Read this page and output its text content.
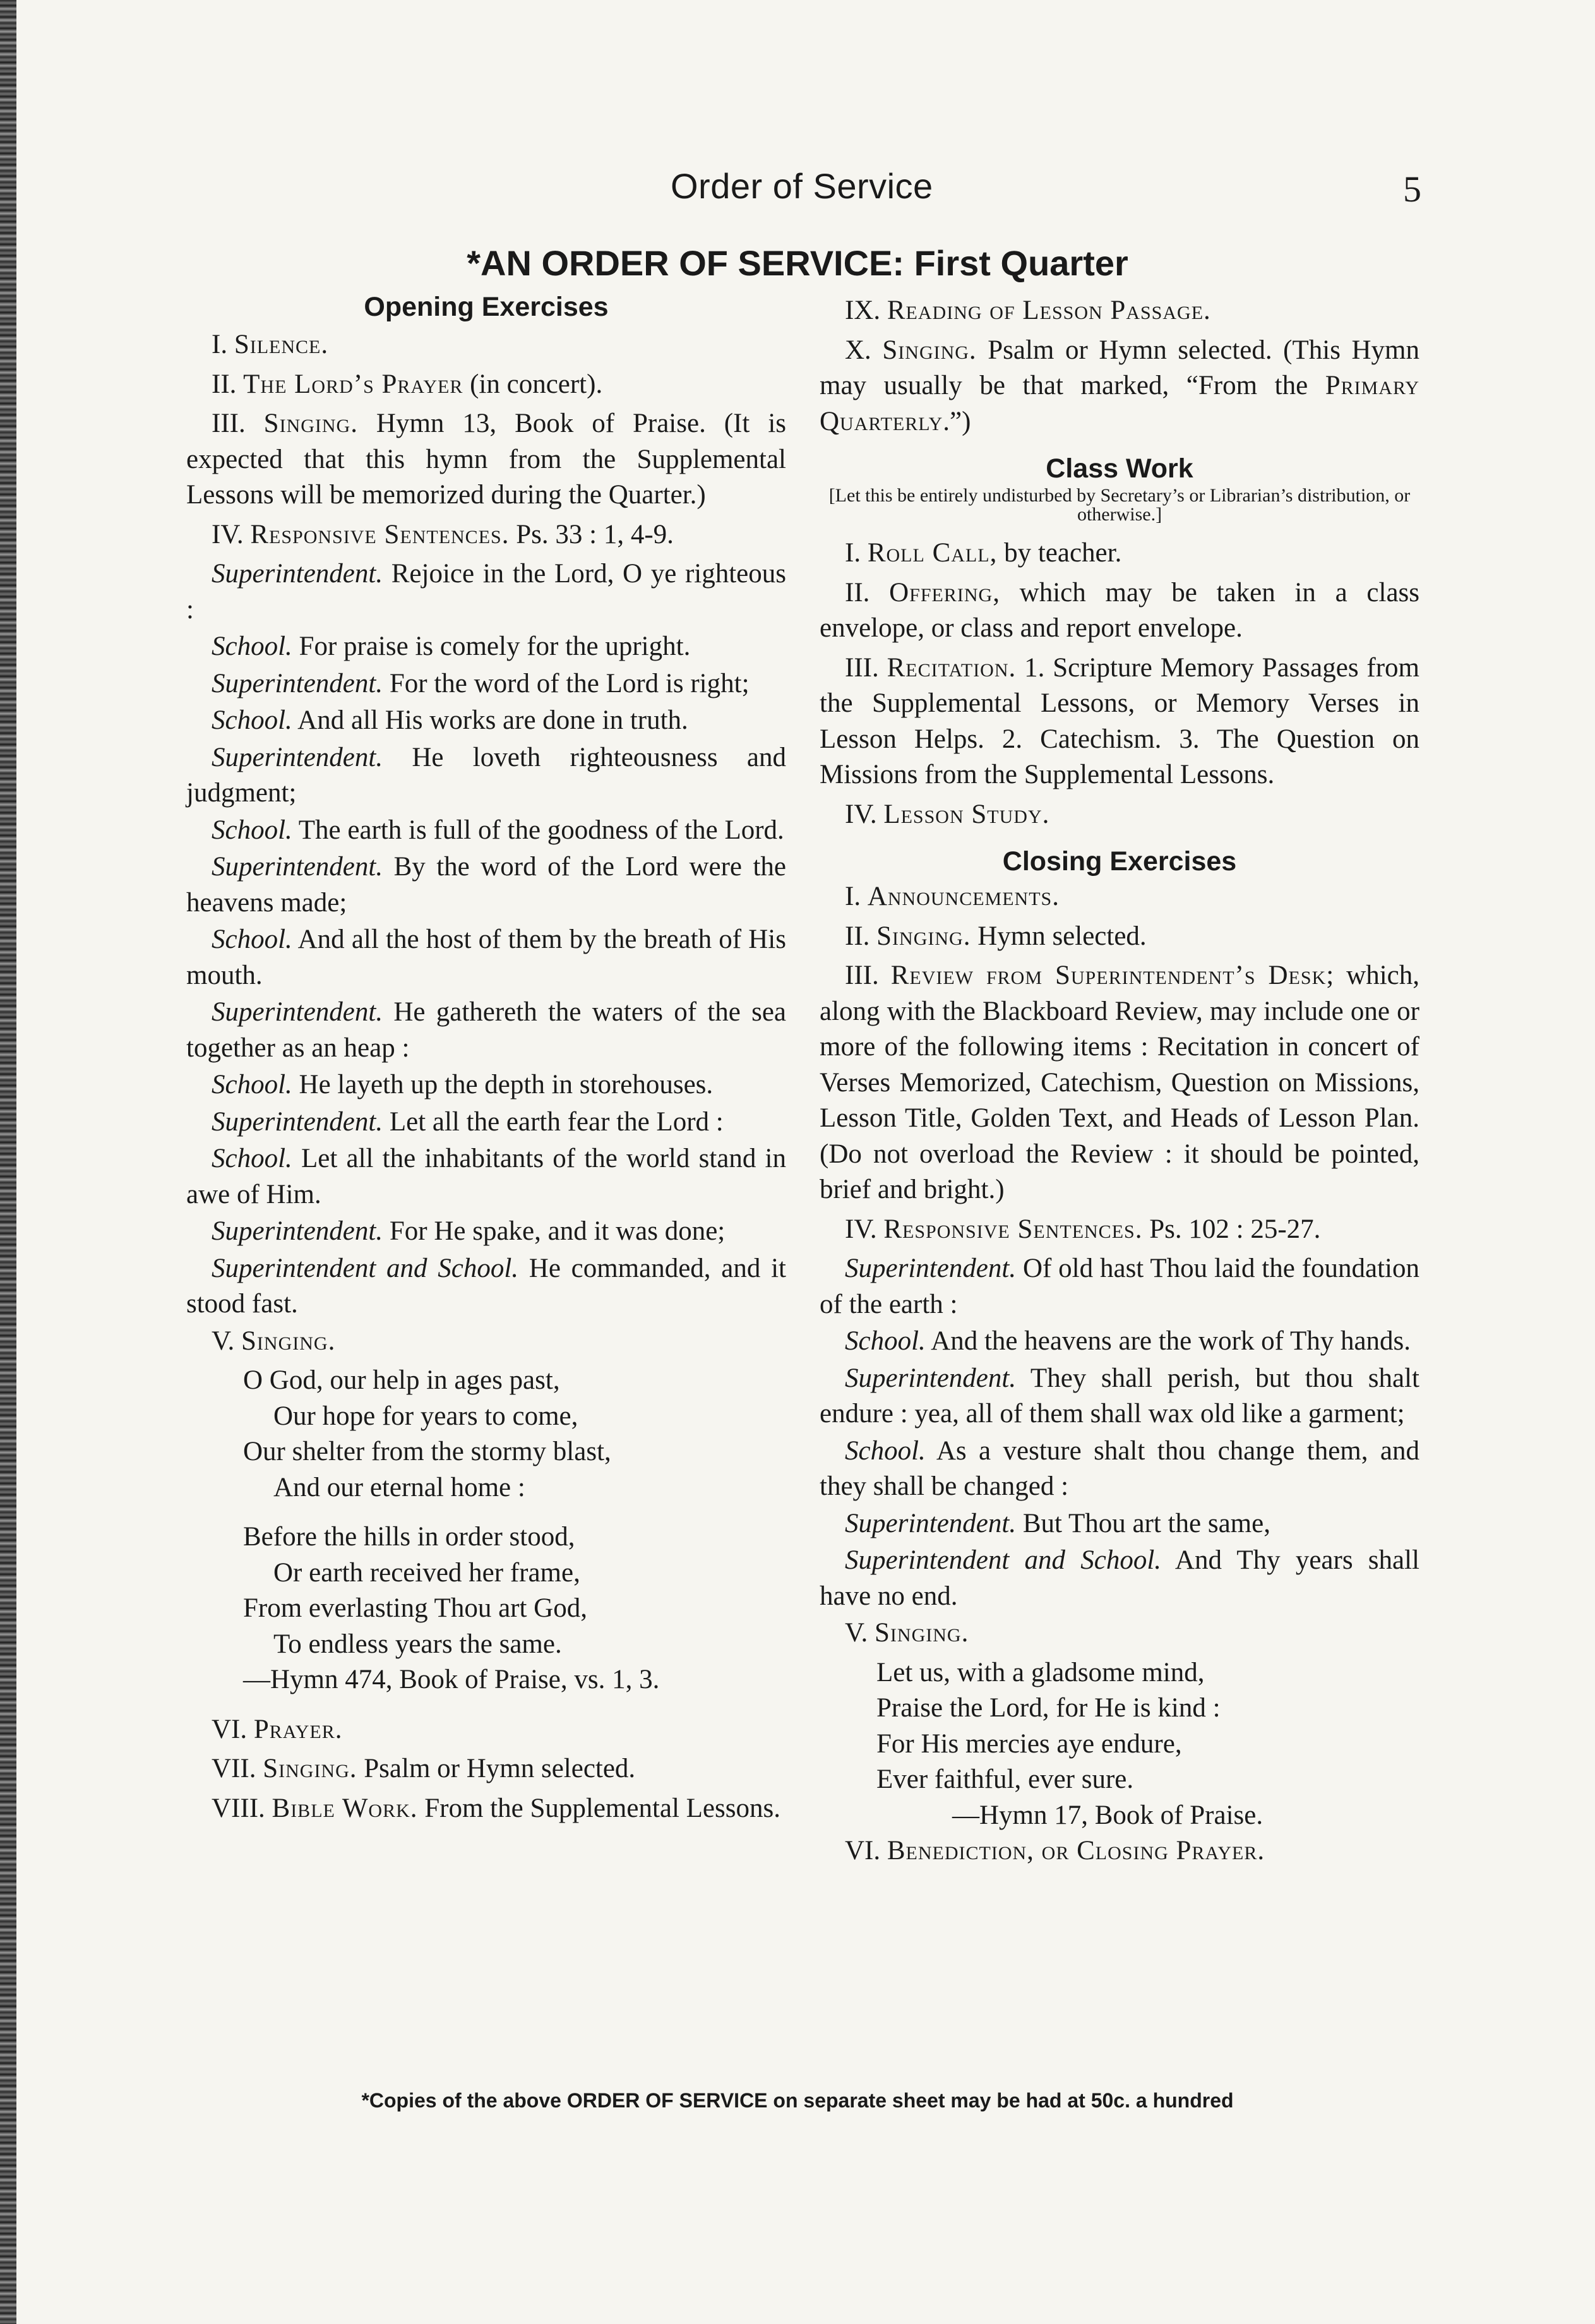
Order of Service	5
*AN ORDER OF SERVICE: First Quarter
Opening Exercises

I. Silence.

II. The Lord’s Prayer (in concert).

III. Singing. Hymn 13, Book of Praise. (It is expected that this hymn from the Supplemental Lessons will be memorized during the Quarter.)

IV. Responsive Sentences. Ps. 33 : 1, 4-9.

Superintendent. Rejoice in the Lord, O ye righteous :

School. For praise is comely for the upright.

Superintendent. For the word of the Lord is right;

School. And all His works are done in truth.

Superintendent. He loveth righteousness and judgment;

School. The earth is full of the goodness of the Lord.

Superintendent. By the word of the Lord were the heavens made;

School. And all the host of them by the breath of His mouth.

Superintendent. He gathereth the waters of the sea together as an heap :

School. He layeth up the depth in storehouses.

Superintendent. Let all the earth fear the Lord :

School. Let all the inhabitants of the world stand in awe of Him.

Superintendent. For He spake, and it was done;

Superintendent and School. He commanded, and it stood fast.

V. Singing.

O God, our help in ages past,
Our hope for years to come,
Our shelter from the stormy blast,
And our eternal home :
Before the hills in order stood,
Or earth received her frame,
From everlasting Thou art God,
To endless years the same.
—Hymn 474, Book of Praise, vs. 1, 3.

VI. Prayer.

VII. Singing. Psalm or Hymn selected.

VIII. Bible Work. From the Supplemental Lessons.

IX. Reading of Lesson Passage.

X. Singing. Psalm or Hymn selected. (This Hymn may usually be that marked, “From the Primary Quarterly.”)

Class Work

[Let this be entirely undisturbed by Secretary’s or Librarian’s distribution, or otherwise.]

I. Roll Call, by teacher.

II. Offering, which may be taken in a class envelope, or class and report envelope.

III. Recitation. 1. Scripture Memory Passages from the Supplemental Lessons, or Memory Verses in Lesson Helps. 2. Catechism. 3. The Question on Missions from the Supplemental Lessons.

IV. Lesson Study.

Closing Exercises

I. Announcements.

II. Singing. Hymn selected.

III. Review from Superintendent’s Desk; which, along with the Blackboard Review, may include one or more of the following items : Recitation in concert of Verses Memorized, Catechism, Question on Missions, Lesson Title, Golden Text, and Heads of Lesson Plan. (Do not overload the Review : it should be pointed, brief and bright.)

IV. Responsive Sentences. Ps. 102 : 25-27.

Superintendent. Of old hast Thou laid the foundation of the earth :

School. And the heavens are the work of Thy hands.

Superintendent. They shall perish, but thou shalt endure : yea, all of them shall wax old like a garment;

School. As a vesture shalt thou change them, and they shall be changed :

Superintendent. But Thou art the same,

Superintendent and School. And Thy years shall have no end.

V. Singing.

Let us, with a gladsome mind,
Praise the Lord, for He is kind :
For His mercies aye endure,
Ever faithful, ever sure.
—Hymn 17, Book of Praise.

VI. Benediction, or Closing Prayer.

*Copies of the above ORDER OF SERVICE on separate sheet may be had at 50c. a hundred
